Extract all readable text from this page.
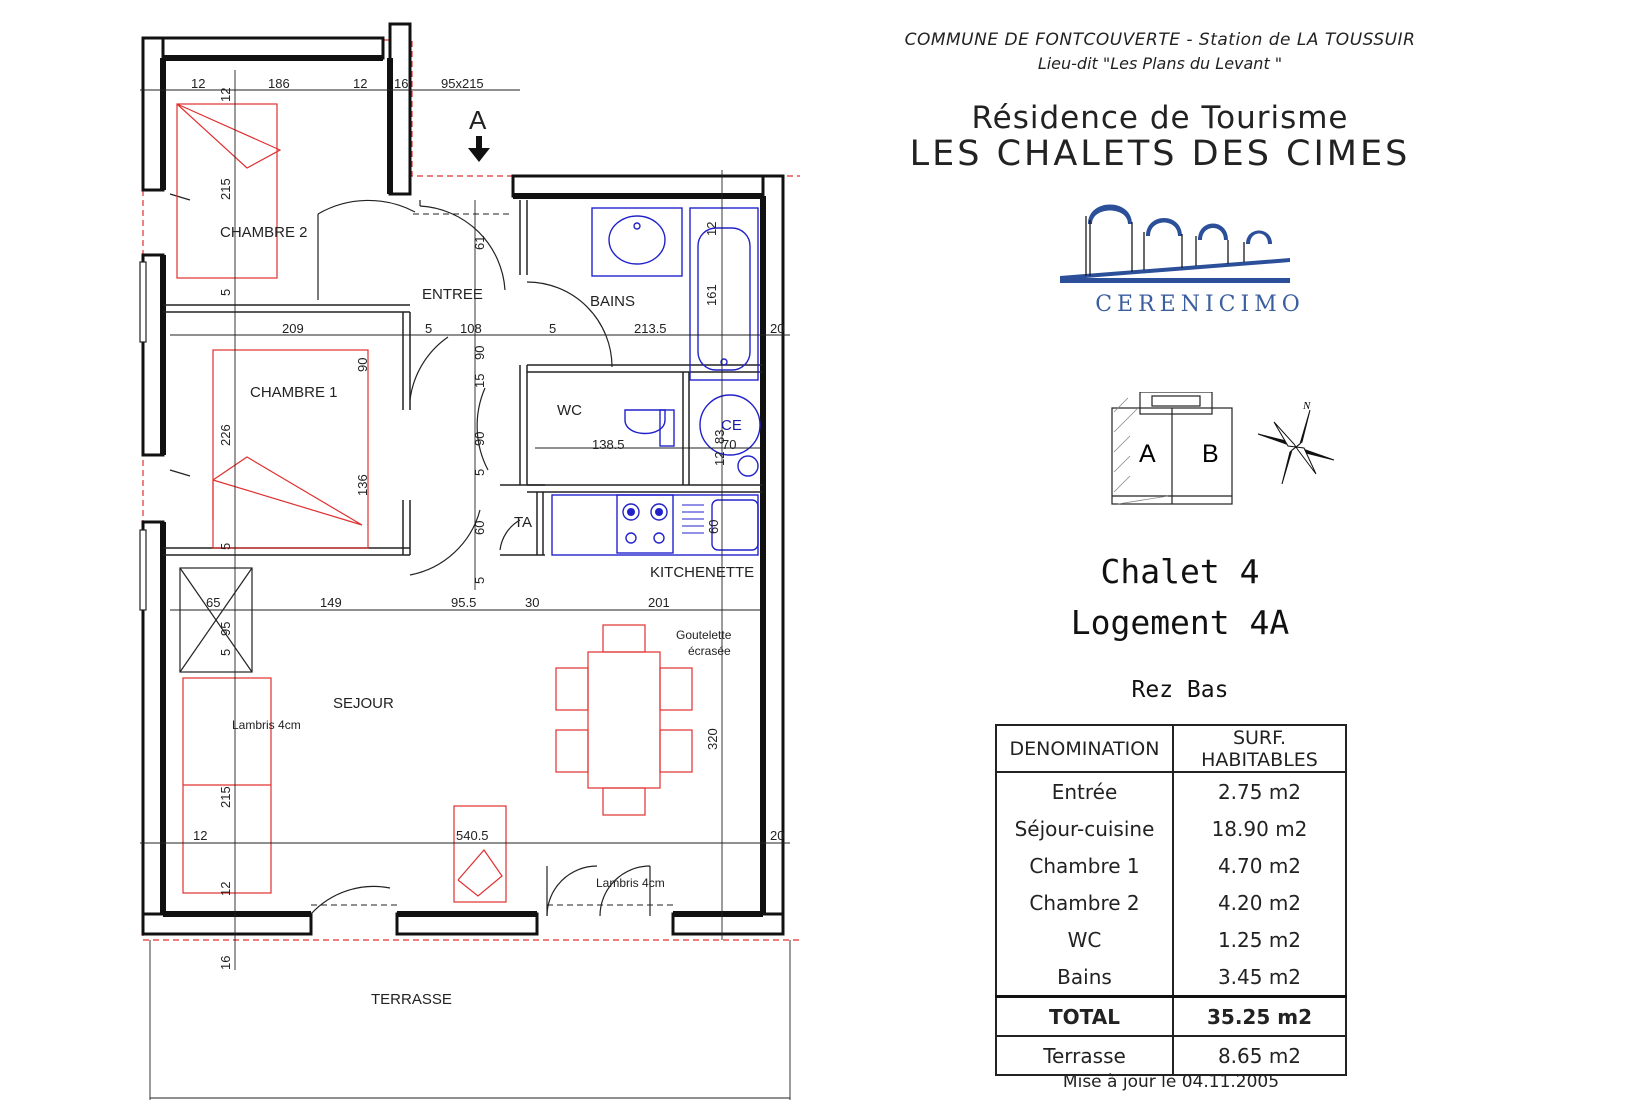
COMMUNE DE FONTCOUVERTE - Station de LA TOUSSUIR
Lieu-dit "Les Plans du Levant "
Résidence de Tourisme
LES CHALETS DES CIMES
CERENICIMO
A B
N
Chalet 4
Logement 4A
Rez Bas
DENOMINATION	SURF. HABITABLES
Entrée	2.75 m2
Séjour-cuisine	18.90 m2
Chambre 1	4.70 m2
Chambre 2	4.20 m2
WC	1.25 m2
Bains	3.45 m2
TOTAL	35.25 m2
Terrasse	8.65 m2
Mise à jour le 04.11.2005
CHAMBRE 2
CHAMBRE 1
ENTREE	BAINS
WC
CE
TA
KITCHENETTE
SEJOUR
TERRASSE
A
Goutelette
écrasée
Lambris 4cm
Lambris 4cm
12	186	12 16	95x215
209	5 108	5	213.5	20
138.5	70
65	149	95.5	30	201
540.5
12	20
12
215
5
61
90
15
90
5
60
5
226
5
90
136
161
12
83
12
60
95
5
215
12
16
320
